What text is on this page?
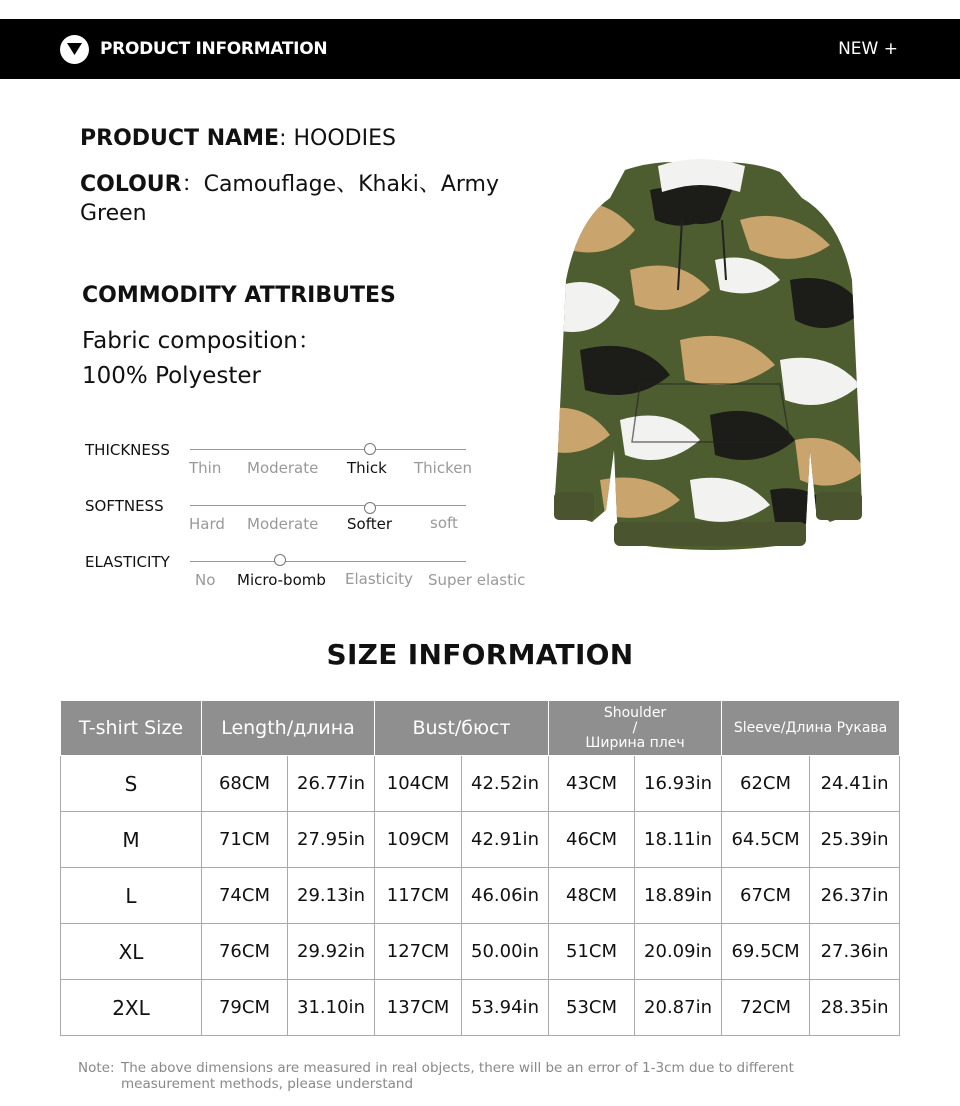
PRODUCT INFORMATION	NEW +
PRODUCT NAME: HOODIES
COLOUR：Camouflage、Khaki、Army Green
COMMODITY ATTRIBUTES
Fabric composition：
100% Polyester
THICKNESS
Thin Moderate Thick Thicken
SOFTNESS
Hard Moderate Softer	soft
ELASTICITY
No Micro-bomb Elasticity Super elastic
SIZE INFORMATION
T-shirt Size	Length/длина		Bust/бюст		Shoulder
/
Ширина плеч		Sleeve/Длина Рукава	
S	68CM	26.77in	104CM	42.52in	43CM	16.93in	62CM	24.41in
M	71CM	27.95in	109CM	42.91in	46CM	18.11in	64.5CM	25.39in
L	74CM	29.13in	117CM	46.06in	48CM	18.89in	67CM	26.37in
XL	76CM	29.92in	127CM	50.00in	51CM	20.09in	69.5CM	27.36in
2XL	79CM	31.10in	137CM	53.94in	53CM	20.87in	72CM	28.35in
Note: The above dimensions are measured in real objects, there will be an error of 1-3cm due to different measurement methods, please understand
